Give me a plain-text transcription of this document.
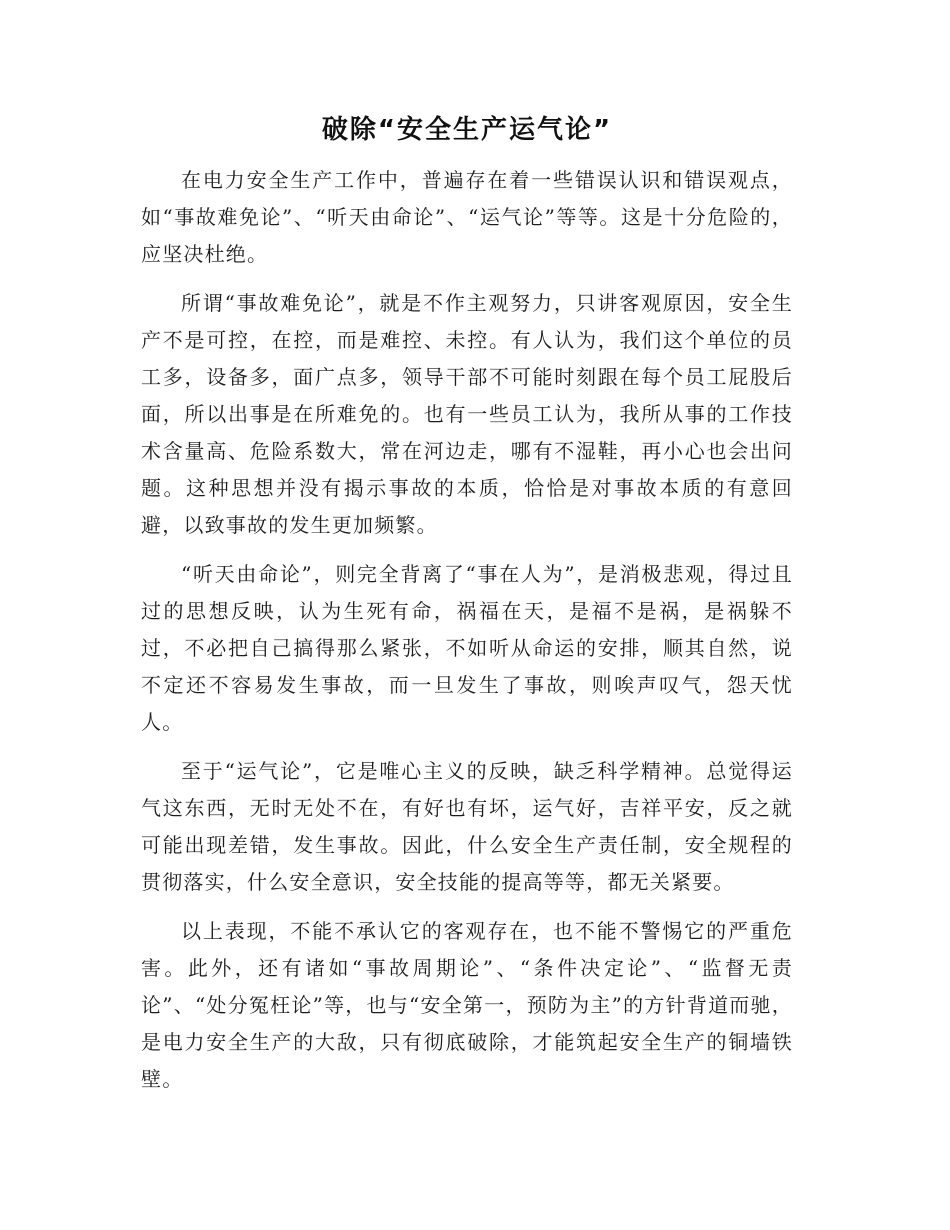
破除“安全生产运气论”

在电力安全生产工作中，普遍存在着一些错误认识和错误观点，如“事故难免论”、“听天由命论”、“运气论”等等。这是十分危险的，应坚决杜绝。

所谓“事故难免论”，就是不作主观努力，只讲客观原因，安全生产不是可控，在控，而是难控、未控。有人认为，我们这个单位的员工多，设备多，面广点多，领导干部不可能时刻跟在每个员工屁股后面，所以出事是在所难免的。也有一些员工认为，我所从事的工作技术含量高、危险系数大，常在河边走，哪有不湿鞋，再小心也会出问题。这种思想并没有揭示事故的本质，恰恰是对事故本质的有意回避，以致事故的发生更加频繁。

“听天由命论”，则完全背离了“事在人为”，是消极悲观，得过且过的思想反映，认为生死有命，祸福在天，是福不是祸，是祸躲不过，不必把自己搞得那么紧张，不如听从命运的安排，顺其自然，说不定还不容易发生事故，而一旦发生了事故，则唉声叹气，怨天忧人。

至于“运气论”，它是唯心主义的反映，缺乏科学精神。总觉得运气这东西，无时无处不在，有好也有坏，运气好，吉祥平安，反之就可能出现差错，发生事故。因此，什么安全生产责任制，安全规程的贯彻落实，什么安全意识，安全技能的提高等等，都无关紧要。

以上表现，不能不承认它的客观存在，也不能不警惕它的严重危害。此外，还有诸如“事故周期论”、“条件决定论”、“监督无责论”、“处分冤枉论”等，也与“安全第一，预防为主”的方针背道而驰，是电力安全生产的大敌，只有彻底破除，才能筑起安全生产的铜墙铁壁。
